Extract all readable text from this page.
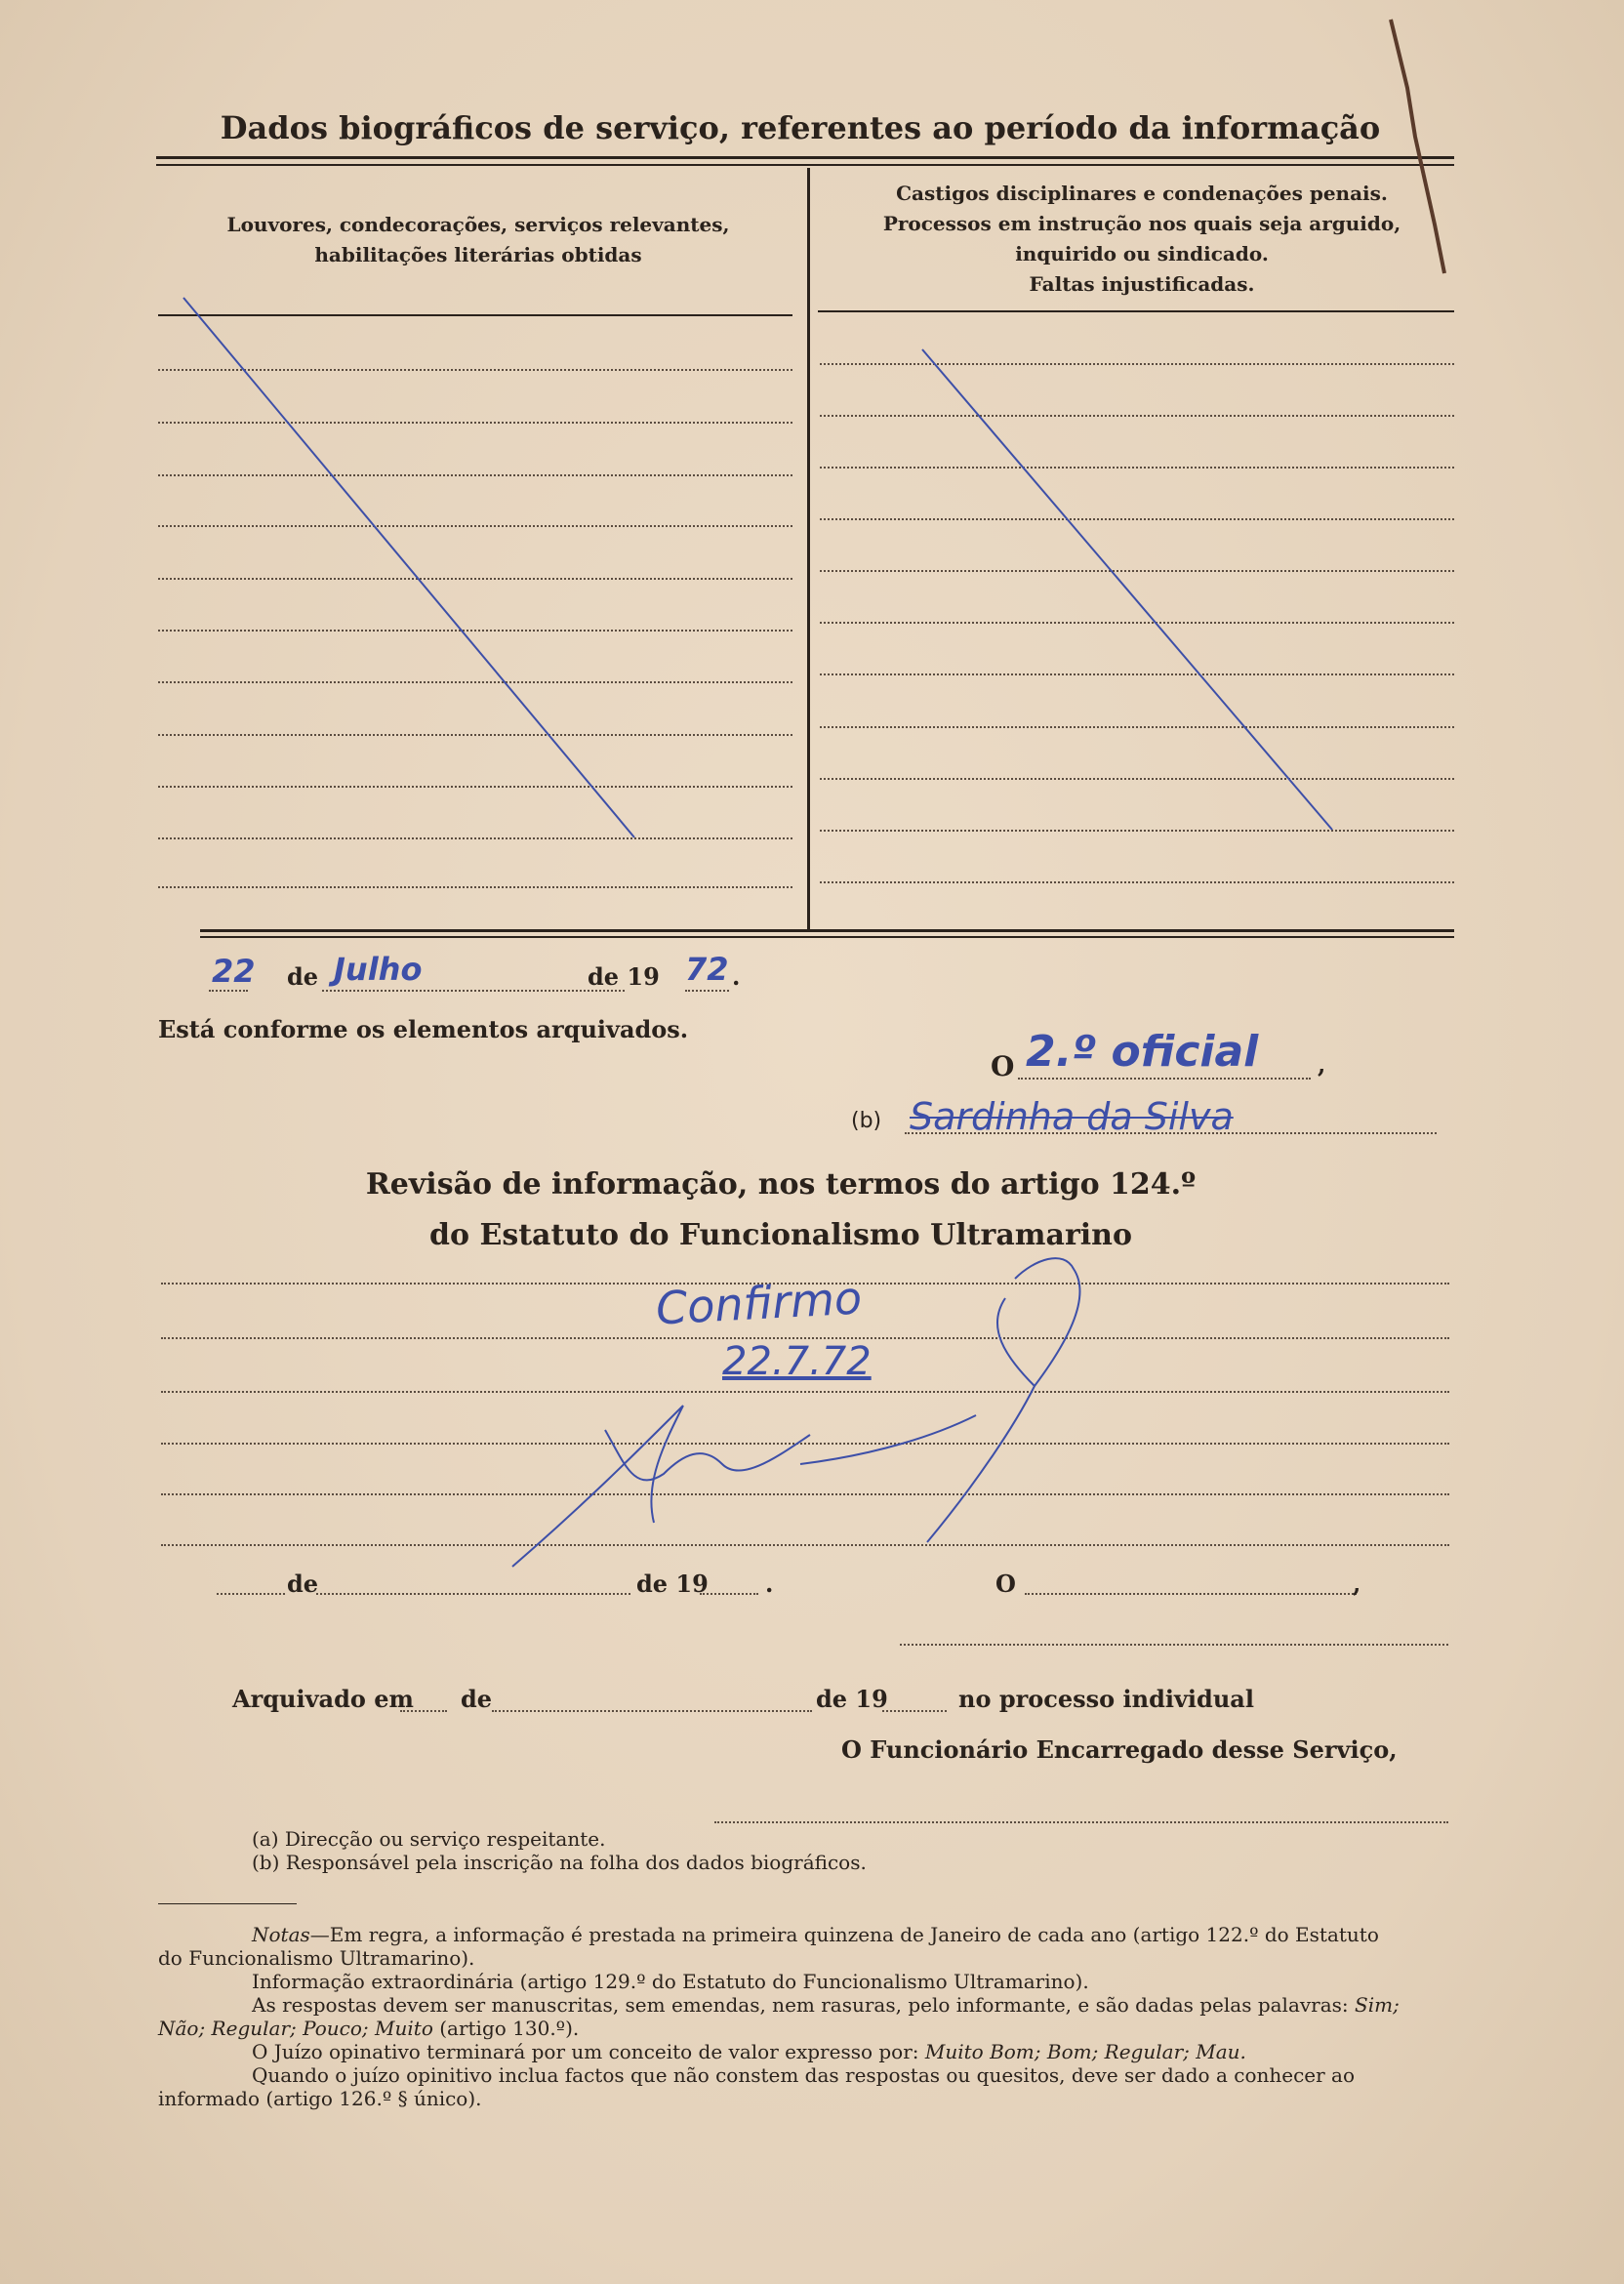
Dados biográficos de serviço, referentes ao período da informação
Louvores, condecorações, serviços relevantes,
habilitações literárias obtidas
Castigos disciplinares e condenações penais.
Processos em instrução nos quais seja arguido,
inquirido ou sindicado.
Faltas injustificadas.
22 de Julho	de 19 72 .
Está conforme os elementos arquivados.
O 2.º oficial	,
(b) Sardinha da Silva
Revisão de informação, nos termos do artigo 124.º
do Estatuto do Funcionalismo Ultramarino
Confirmo
22.7.72
de	de 19 .	O	,
Arquivado em de	de 19	no processo individual
O Funcionário Encarregado desse Serviço,
(a) Direcção ou serviço respeitante.
(b) Responsável pela inscrição na folha dos dados biográficos.
Notas—Em regra, a informação é prestada na primeira quinzena de Janeiro de cada ano (artigo 122.º do Estatuto
do Funcionalismo Ultramarino).
Informação extraordinária (artigo 129.º do Estatuto do Funcionalismo Ultramarino).
As respostas devem ser manuscritas, sem emendas, nem rasuras, pelo informante, e são dadas pelas palavras: Sim;
Não; Regular; Pouco; Muito (artigo 130.º).
O Juízo opinativo terminará por um conceito de valor expresso por: Muito Bom; Bom; Regular; Mau.
Quando o juízo opinitivo inclua factos que não constem das respostas ou quesitos, deve ser dado a conhecer ao
informado (artigo 126.º § único).
